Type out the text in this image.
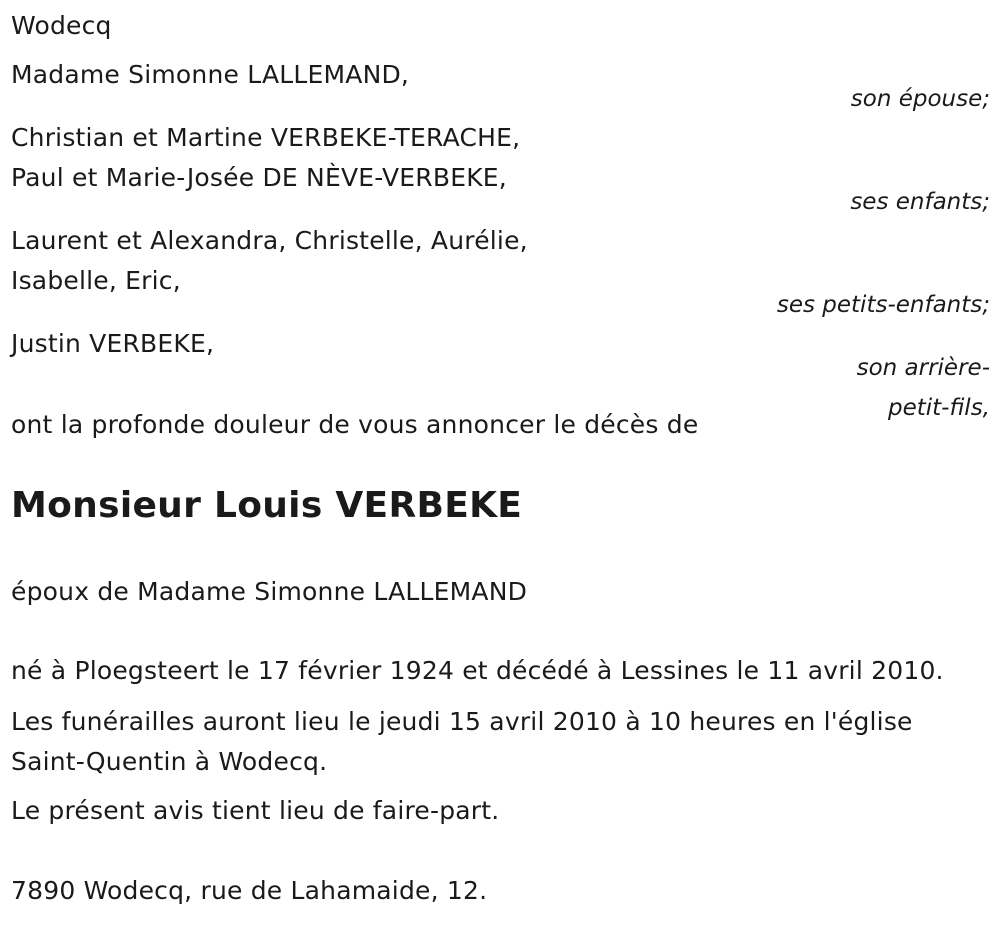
Wodecq
Madame Simonne LALLEMAND,
son épouse;
Christian et Martine VERBEKE-TERACHE,
Paul et Marie-Josée DE NÈVE-VERBEKE,
ses enfants;
Laurent et Alexandra, Christelle, Aurélie,
Isabelle, Eric,
ses petits-enfants;
Justin VERBEKE,
son arrière-
petit-fils,
ont la profonde douleur de vous annoncer le décès de
Monsieur Louis VERBEKE
époux de Madame Simonne LALLEMAND
né à Ploegsteert le 17 février 1924 et décédé à Lessines le 11 avril 2010.
Les funérailles auront lieu le jeudi 15 avril 2010 à 10 heures en l'église
Saint-Quentin à Wodecq.
Le présent avis tient lieu de faire-part.
7890 Wodecq, rue de Lahamaide, 12.
